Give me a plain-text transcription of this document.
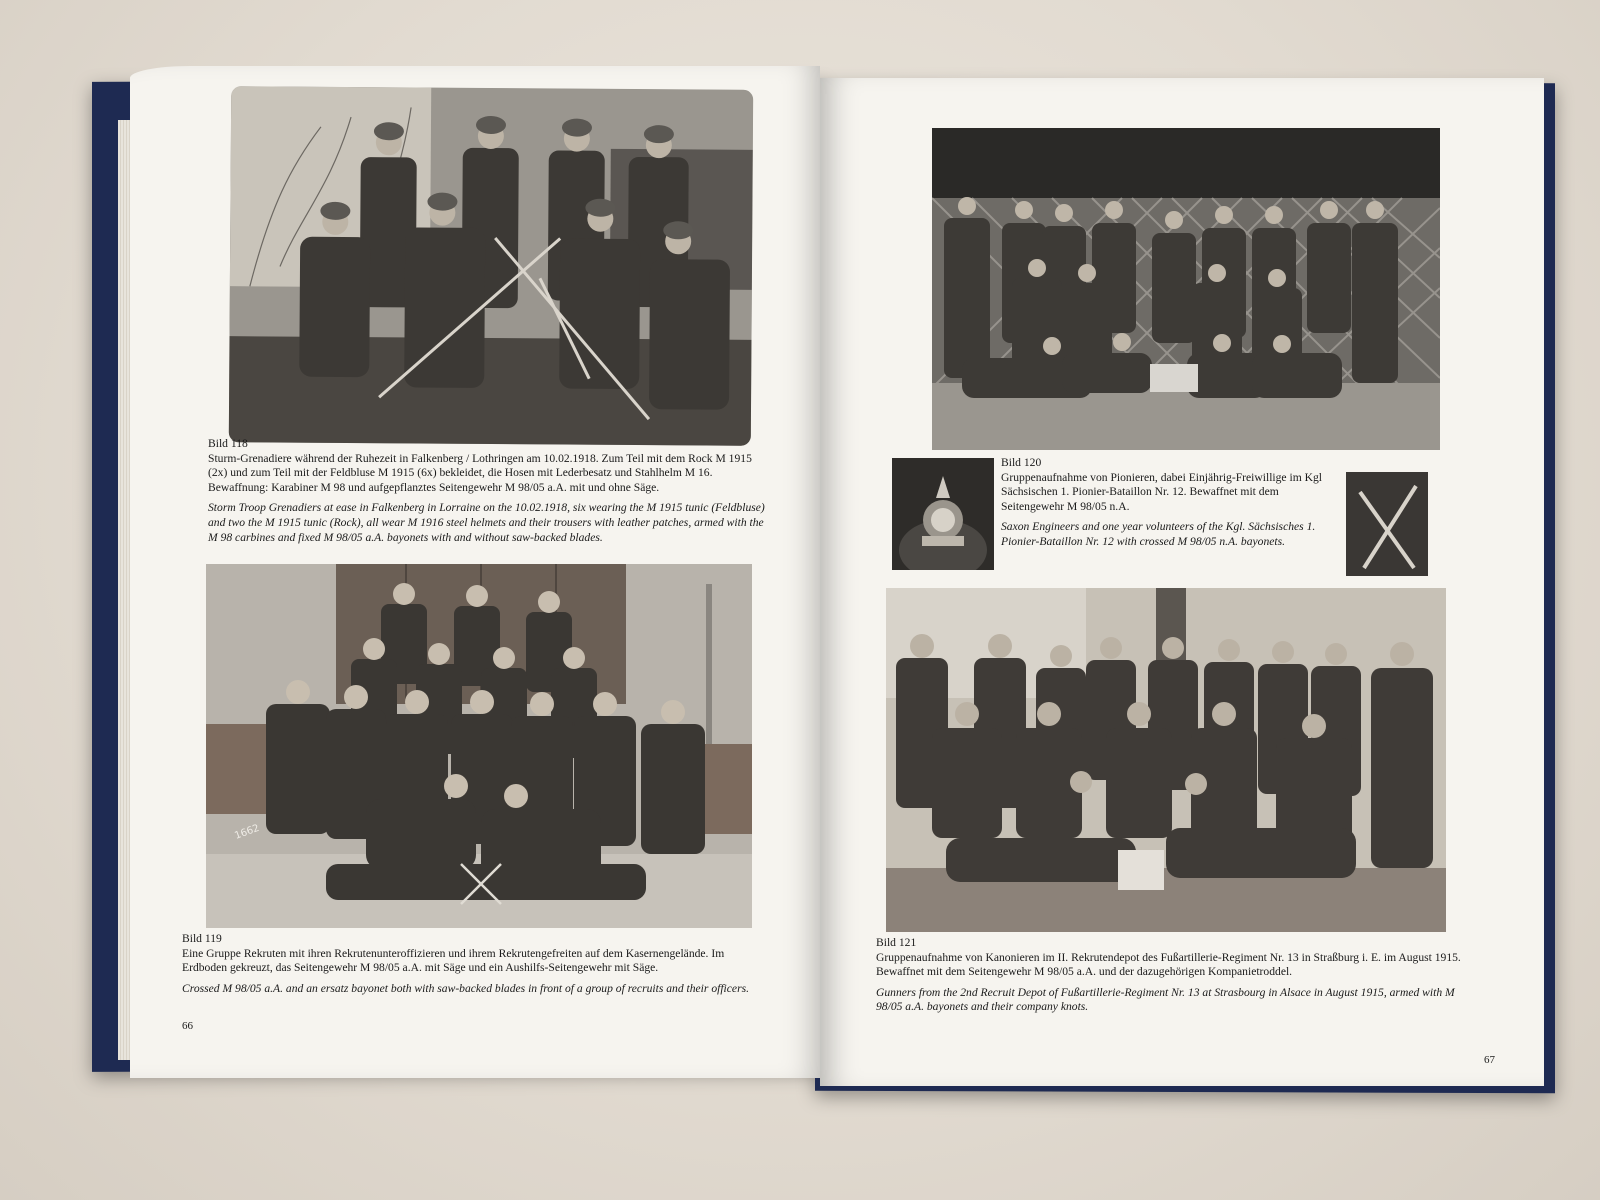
Bild 118
Sturm-Grenadiere während der Ruhezeit in Falkenberg / Lothringen am 10.02.1918. Zum Teil mit dem Rock M 1915 (2x) und zum Teil mit der Feldbluse M 1915 (6x) bekleidet, die Hosen mit Lederbesatz und Stahlhelm M 16. Bewaffnung: Karabiner M 98 und aufgepflanztes Seitengewehr M 98/05 a.A. mit und ohne Säge.
Storm Troop Grenadiers at ease in Falkenberg in Lorraine on the 10.02.1918, six wearing the M 1915 tunic (Feldbluse) and two the M 1915 tunic (Rock), all wear M 1916 steel helmets and their trousers with leather patches, armed with the M 98 carbines and fixed M 98/05 a.A. bayonets with and without saw-backed blades.
1662
Bild 119
Eine Gruppe Rekruten mit ihren Rekrutenunteroffizieren und ihrem Rekrutengefreiten auf dem Kasernengelände. Im Erdboden gekreuzt, das Seitengewehr M 98/05 a.A. mit Säge und ein Aushilfs-Seitengewehr mit Säge.
Crossed M 98/05 a.A. and an ersatz bayonet both with saw-backed blades in front of a group of recruits and their officers.
66
Bild 120
Gruppenaufnahme von Pionieren, dabei Einjährig-Freiwillige im Kgl Sächsischen 1. Pionier-Bataillon Nr. 12. Bewaffnet mit dem Seitengewehr M 98/05 n.A.
Saxon Engineers and one year volunteers of the Kgl. Sächsisches 1. Pionier-Bataillon Nr. 12 with crossed M 98/05 n.A. bayonets.
Bild 121
Gruppenaufnahme von Kanonieren im II. Rekrutendepot des Fußartillerie-Regiment Nr. 13 in Straßburg i. E. im August 1915. Bewaffnet mit dem Seitengewehr M 98/05 a.A. und der dazugehörigen Kompanietroddel.
Gunners from the 2nd Recruit Depot of Fußartillerie-Regiment Nr. 13 at Strasbourg in Alsace in August 1915, armed with M 98/05 a.A. bayonets and their company knots.
67
